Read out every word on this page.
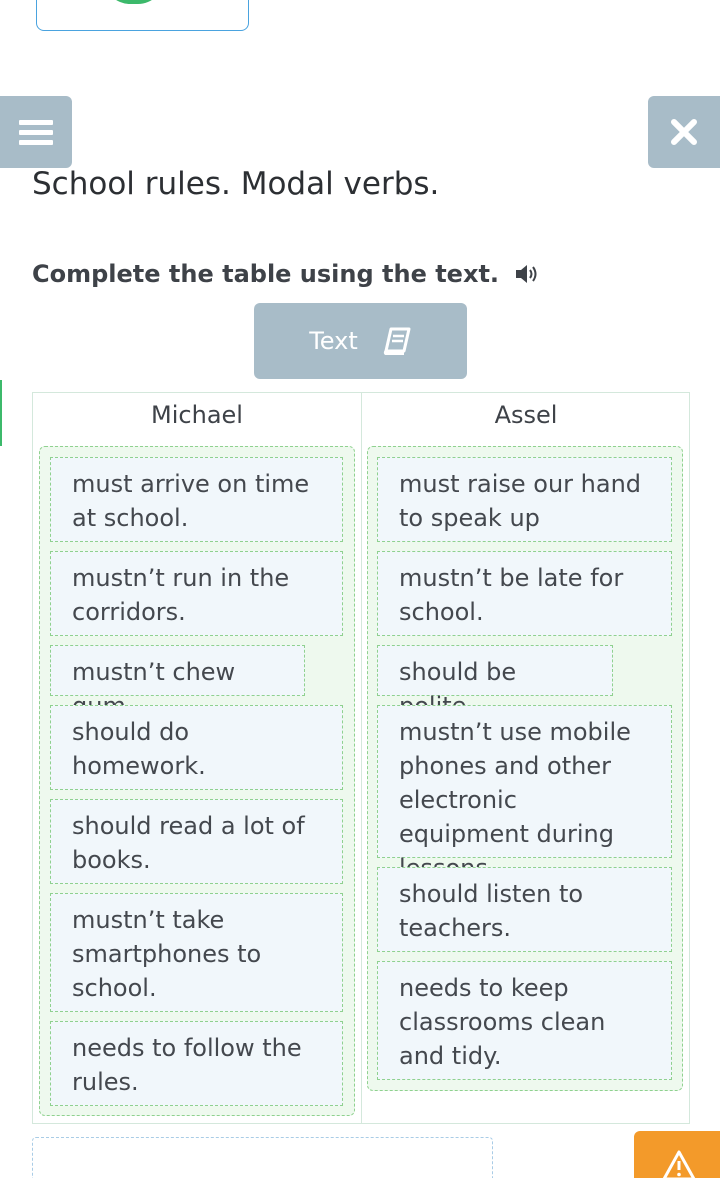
School rules. Modal verbs.
Complete the table using the text.
Text
Michael	Assel
must arrive on time at school.
mustn’t run in the corridors.
mustn’t chew
should do homework.
should read a lot of books.
mustn’t take smartphones to school.
needs to follow the rules.
must raise our hand to speak up
mustn’t be late for school.
should be
mustn’t use mobile phones and other electronic equipment during
should listen to teachers.
needs to keep classrooms clean and tidy.
